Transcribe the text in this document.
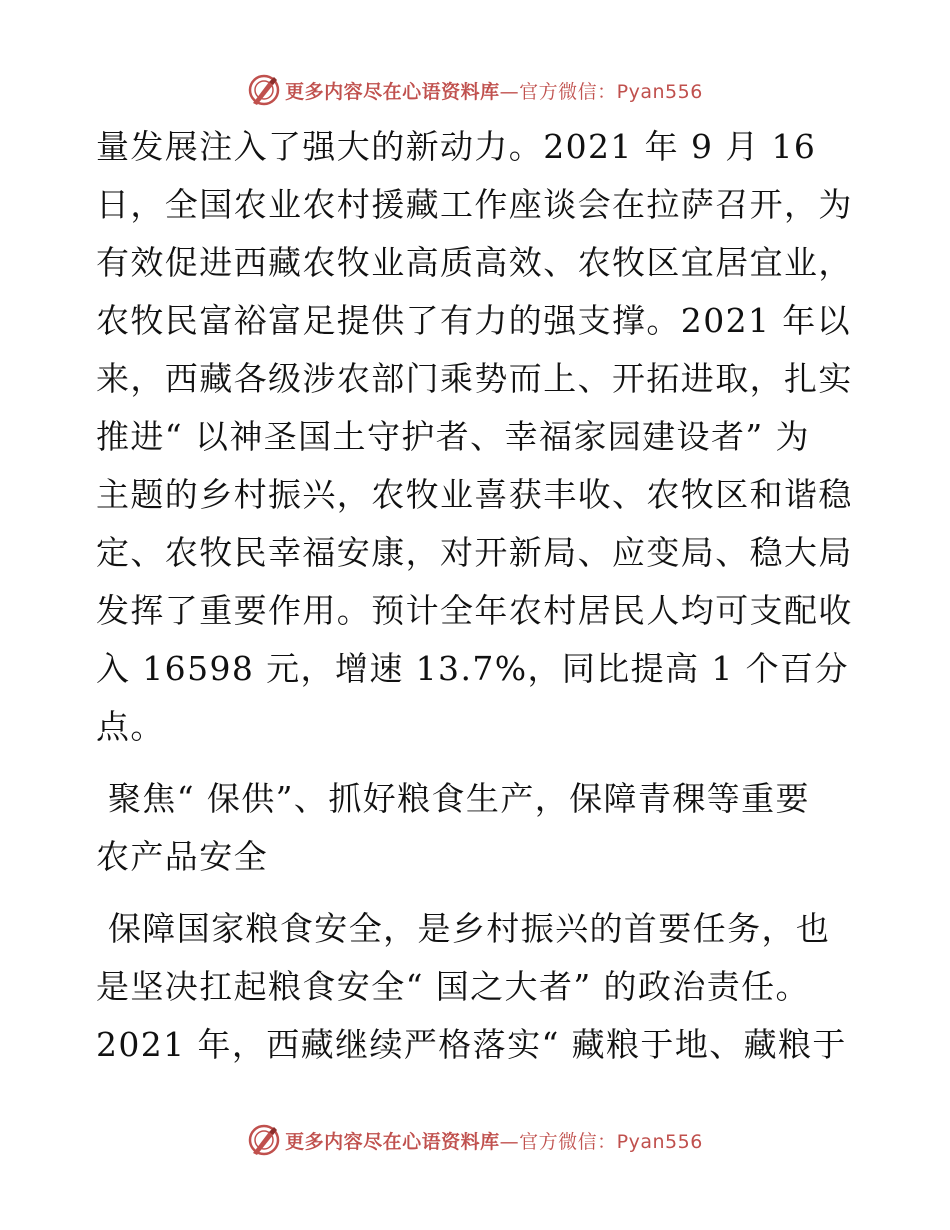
更多内容尽在心语资料库—官方微信：Pyan556
量发展注入了强大的新动力。2021 年 9 月 16
日，全国农业农村援藏工作座谈会在拉萨召开，为
有效促进西藏农牧业高质高效、农牧区宜居宜业，
农牧民富裕富足提供了有力的强支撑。2021 年以
来，西藏各级涉农部门乘势而上、开拓进取，扎实
推进“ 以神圣国土守护者、幸福家园建设者” 为
主题的乡村振兴，农牧业喜获丰收、农牧区和谐稳
定、农牧民幸福安康，对开新局、应变局、稳大局
发挥了重要作用。预计全年农村居民人均可支配收
入 16598 元，增速 13.7%，同比提高 1 个百分
点。
聚焦“ 保供”、抓好粮食生产，保障青稞等重要
农产品安全
保障国家粮食安全，是乡村振兴的首要任务，也
是坚决扛起粮食安全“ 国之大者” 的政治责任。
2021 年，西藏继续严格落实“ 藏粮于地、藏粮于
更多内容尽在心语资料库—官方微信：Pyan556
